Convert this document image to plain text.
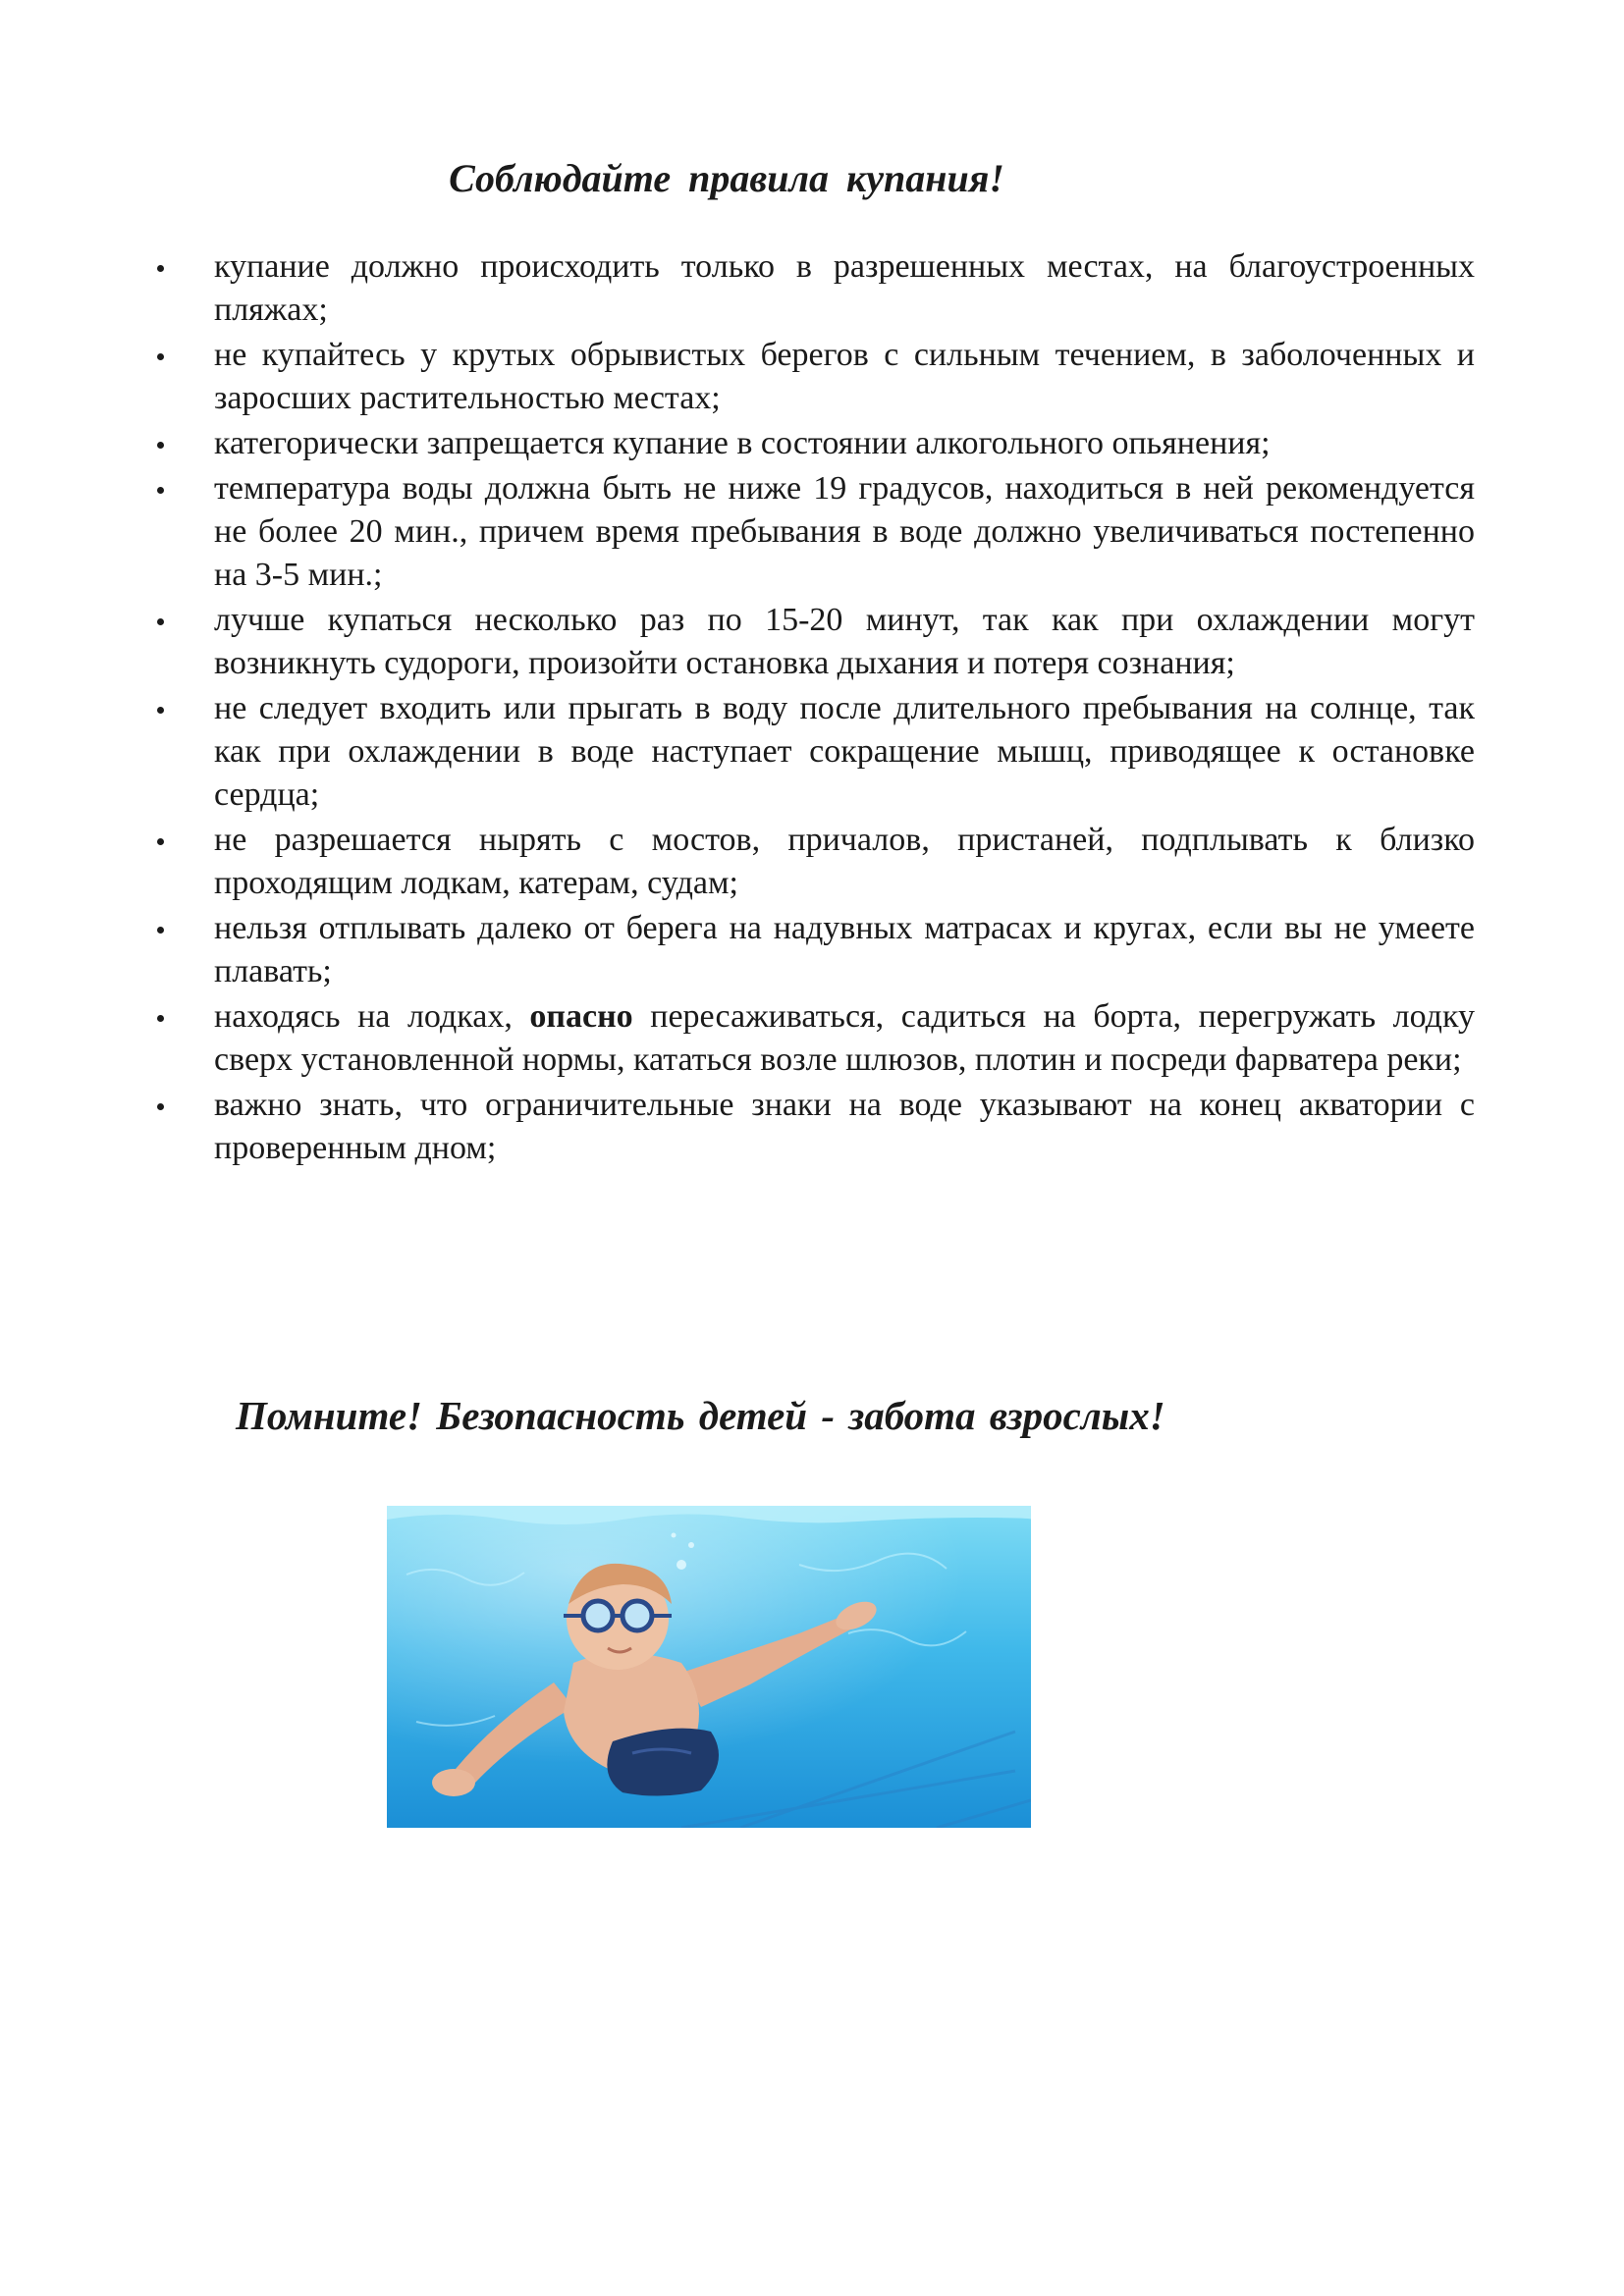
Соблюдайте правила купания!
купание должно происходить только в разрешенных местах, на благоустроенных пляжах;
не купайтесь у крутых обрывистых берегов с сильным течением, в заболоченных и заросших растительностью местах;
категорически запрещается купание в состоянии алкогольного опьянения;
температура воды должна быть не ниже 19 градусов, находиться в ней рекомендуется не более 20 мин., причем время пребывания в воде должно увеличиваться постепенно на 3-5 мин.;
лучше купаться несколько раз по 15-20 минут, так как при охлаждении могут возникнуть судороги, произойти остановка дыхания и потеря сознания;
не следует входить или прыгать в воду после длительного пребывания на солнце, так как при охлаждении в воде наступает сокращение мышц, приводящее к остановке сердца;
не разрешается нырять с мостов, причалов, пристаней, подплывать к близко проходящим лодкам, катерам, судам;
нельзя отплывать далеко от берега на надувных матрасах и кругах, если вы не умеете плавать;
находясь на лодках, опасно пересаживаться, садиться на борта, перегружать лодку сверх установленной нормы, кататься возле шлюзов, плотин и посреди фарватера реки;
важно знать, что ограничительные знаки на воде указывают на конец акватории с проверенным дном;

Помните! Безопасность детей - забота взрослых!
